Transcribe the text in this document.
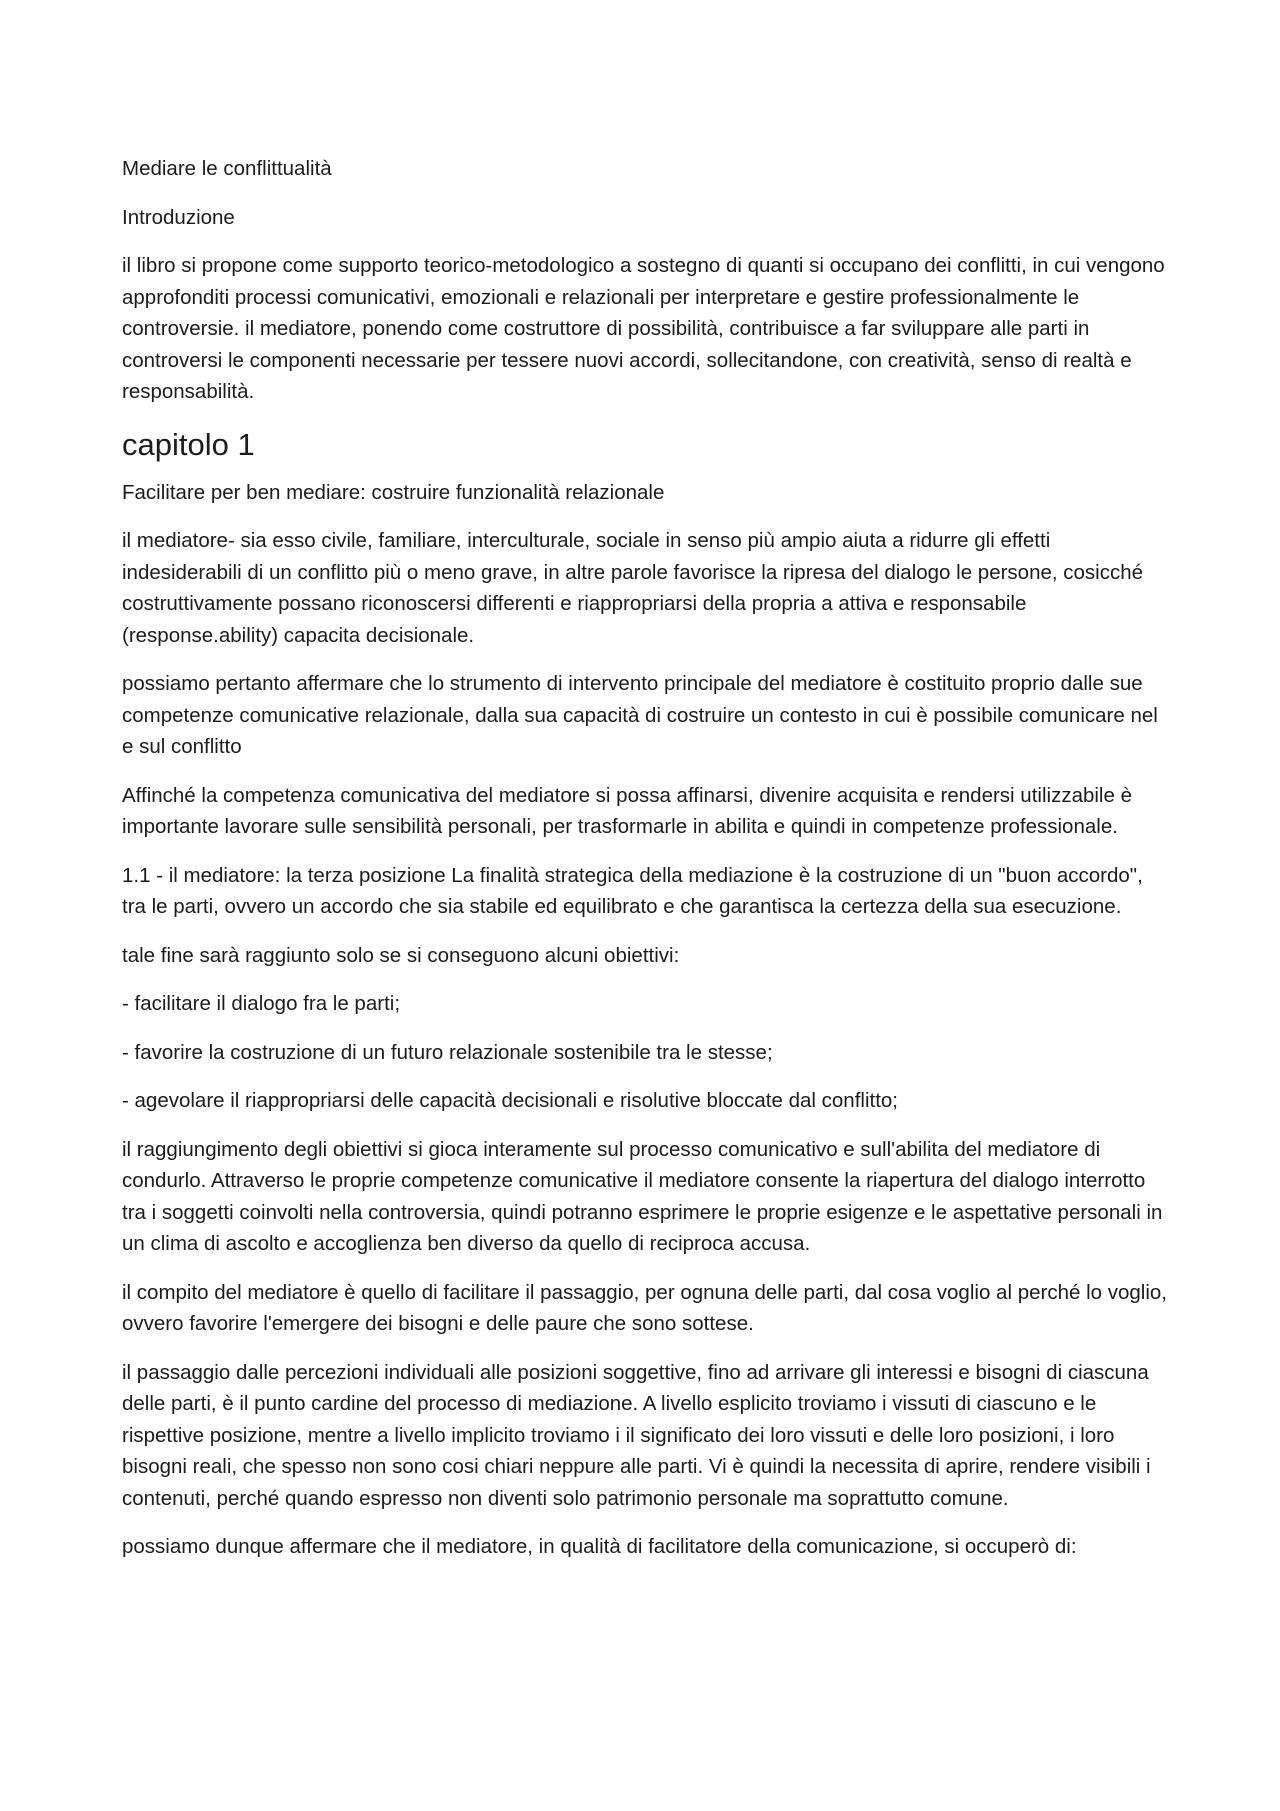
Mediare le conflittualità

Introduzione

il libro si propone come supporto teorico-metodologico a sostegno di quanti si occupano dei conflitti, in cui vengono approfonditi processi comunicativi, emozionali e relazionali per interpretare e gestire professionalmente le controversie. il mediatore, ponendo come costruttore di possibilità, contribuisce a far sviluppare alle parti in controversi le componenti necessarie per tessere nuovi accordi, sollecitandone, con creatività, senso di realtà e responsabilità.

capitolo 1

Facilitare per ben mediare: costruire funzionalità relazionale

il mediatore- sia esso civile, familiare, interculturale, sociale in senso più ampio aiuta a ridurre gli effetti indesiderabili di un conflitto più o meno grave, in altre parole favorisce la ripresa del dialogo le persone, cosicché costruttivamente possano riconoscersi differenti e riappropriarsi della propria a attiva e responsabile (response.ability) capacita decisionale.

possiamo pertanto affermare che lo strumento di intervento principale del mediatore è costituito proprio dalle sue competenze comunicative relazionale, dalla sua capacità di costruire un contesto in cui è possibile comunicare nel e sul conflitto

Affinché la competenza comunicativa del mediatore si possa affinarsi, divenire acquisita e rendersi utilizzabile è importante lavorare sulle sensibilità personali, per trasformarle in abilita e quindi in competenze professionale.

1.1 - il mediatore: la terza posizione La finalità strategica della mediazione è la costruzione di un "buon accordo", tra le parti, ovvero un accordo che sia stabile ed equilibrato e che garantisca la certezza della sua esecuzione.

tale fine sarà raggiunto solo se si conseguono alcuni obiettivi:

- facilitare il dialogo fra le parti;

- favorire la costruzione di un futuro relazionale sostenibile tra le stesse;

- agevolare il riappropriarsi delle capacità decisionali e risolutive bloccate dal conflitto;

il raggiungimento degli obiettivi si gioca interamente sul processo comunicativo e sull'abilita del mediatore di condurlo. Attraverso le proprie competenze comunicative il mediatore consente la riapertura del dialogo interrotto tra i soggetti coinvolti nella controversia, quindi potranno esprimere le proprie esigenze e le aspettative personali in un clima di ascolto e accoglienza ben diverso da quello di reciproca accusa.

il compito del mediatore è quello di facilitare il passaggio, per ognuna delle parti, dal cosa voglio al perché lo voglio, ovvero favorire l'emergere dei bisogni e delle paure che sono sottese.

il passaggio dalle percezioni individuali alle posizioni soggettive, fino ad arrivare gli interessi e bisogni di ciascuna delle parti, è il punto cardine del processo di mediazione. A livello esplicito troviamo i vissuti di ciascuno e le rispettive posizione, mentre a livello implicito troviamo i il significato dei loro vissuti e delle loro posizioni, i loro bisogni reali, che spesso non sono cosi chiari neppure alle parti. Vi è quindi la necessita di aprire, rendere visibili i contenuti, perché quando espresso non diventi solo patrimonio personale ma soprattutto comune.

possiamo dunque affermare che il mediatore, in qualità di facilitatore della comunicazione, si occuperò di:
